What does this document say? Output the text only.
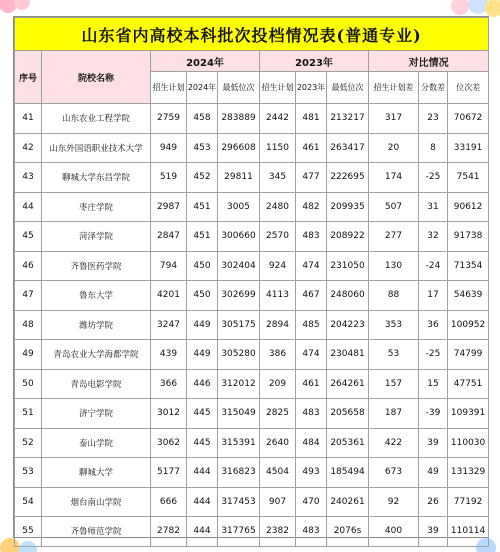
山东省内高校本科批次投档情况表(普通专业)										
序号	院校名称	2024年			2023年			对比情况		
		招生计划	2024年	最低位次	招生计划	2023年	最低位次	招生计划差	分数差	位次差
41	山东农业工程学院	2759	458	283889	2442	481	213217	317	23	70672
42	山东外国语职业技术大学	949	453	296608	1150	461	263417	20	8	33191
43	聊城大学东昌学院	519	452	29811	345	477	222695	174	-25	7541
44	枣庄学院	2987	451	3005	2480	482	209935	507	31	90612
45	菏泽学院	2847	451	300660	2570	483	208922	277	32	91738
46	齐鲁医药学院	794	450	302404	924	474	231050	130	-24	71354
47	鲁东大学	4201	450	302699	4113	467	248060	88	17	54639
48	潍坊学院	3247	449	305175	2894	485	204223	353	36	100952
49	青岛农业大学海都学院	439	449	305280	386	474	230481	53	-25	74799
50	青岛电影学院	366	446	312012	209	461	264261	157	15	47751
51	济宁学院	3012	445	315049	2825	483	205658	187	-39	109391
52	泰山学院	3062	445	315391	2640	484	205361	422	39	110030
53	聊城大学	5177	444	316823	4504	493	185494	673	49	131329
54	烟台南山学院	666	444	317453	907	470	240261	92	26	77192
55	齐鲁师范学院	2782	444	317765	2382	483	2076s	400	39	110114
